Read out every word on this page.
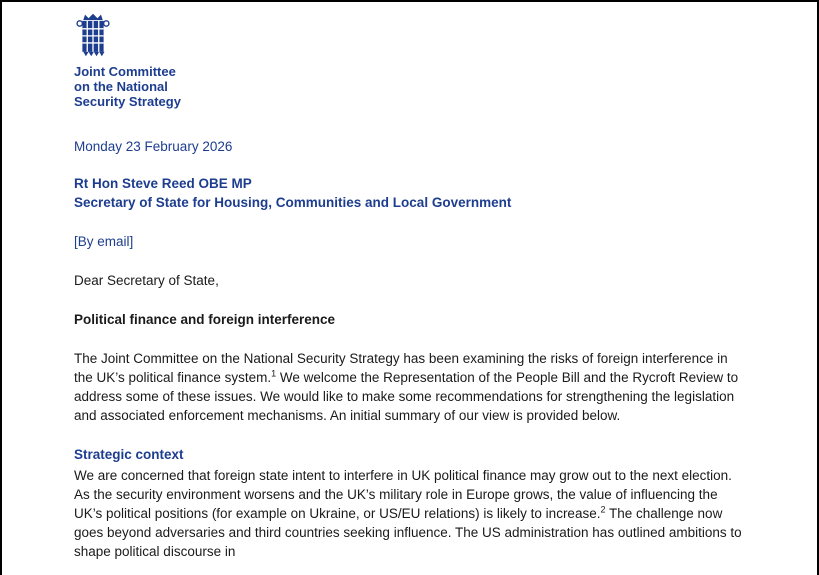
Joint Committee
on the National
Security Strategy
Monday 23 February 2026
Rt Hon Steve Reed OBE MP
Secretary of State for Housing, Communities and Local Government
[By email]
Dear Secretary of State,
Political finance and foreign interference

The Joint Committee on the National Security Strategy has been examining the risks of foreign interference in the UK’s political finance system.$^1$ We welcome the Representation of the People Bill and the Rycroft Review to address some of these issues. We would like to make some recommendations for strengthening the legislation and associated enforcement mechanisms. An initial summary of our view is provided below.

Strategic context

We are concerned that foreign state intent to interfere in UK political finance may grow out to the next election. As the security environment worsens and the UK’s military role in Europe grows, the value of influencing the UK’s political positions (for example on Ukraine, or US/EU relations) is likely to increase.$^2$ The challenge now goes beyond adversaries and third countries seeking influence. The US administration has outlined ambitions to shape political discourse in
